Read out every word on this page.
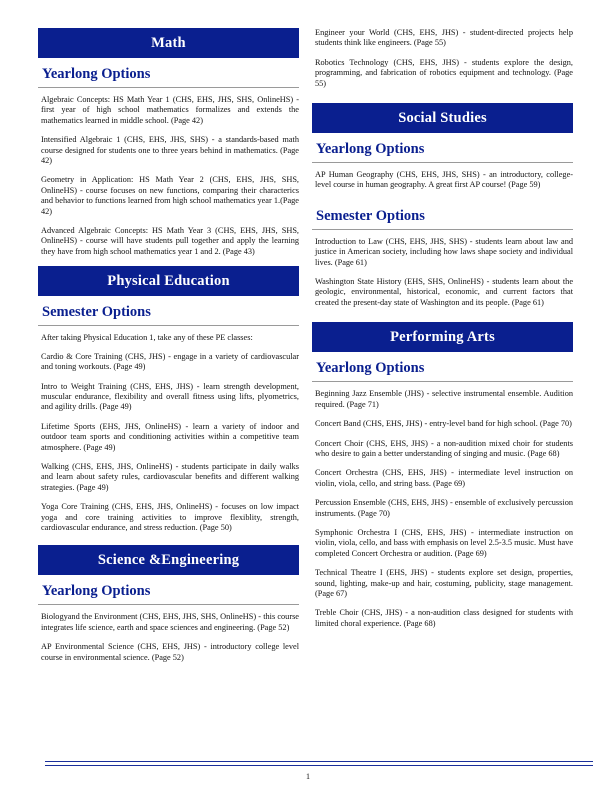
Math
Yearlong Options
Algebraic Concepts: HS Math Year 1 (CHS, EHS, JHS, SHS, OnlineHS) - first year of high school mathematics formalizes and extends the mathematics learned in middle school. (Page 42)
Intensified Algebraic 1 (CHS, EHS, JHS, SHS) - a standards-based math course designed for students one to three years behind in mathematics. (Page 42)
Geometry in Application: HS Math Year 2 (CHS, EHS, JHS, SHS, OnlineHS) - course focuses on new functions, comparing their characterics and behavior to functions learned from high school mathematics year 1.(Page 42)
Advanced Algebraic Concepts: HS Math Year 3 (CHS, EHS, JHS, SHS, OnlineHS) - course will have students pull together and apply the learning they have from high school mathematics year 1 and 2. (Page 43)
Physical Education
Semester Options
After taking Physical Education 1, take any of these PE classes:
Cardio & Core Training (CHS, JHS) - engage in a variety of cardiovascular and toning workouts. (Page 49)
Intro to Weight Training (CHS, EHS, JHS) - learn strength development, muscular endurance, flexibility and overall fitness using lifts, plyometrics, and agility drills. (Page 49)
Lifetime Sports (EHS, JHS, OnlineHS) - learn a variety of indoor and outdoor team sports and conditioning activities within a competitive team atmosphere. (Page 49)
Walking (CHS, EHS, JHS, OnlineHS) - students participate in daily walks and learn about safety rules, cardiovascular benefits and different walking strategies. (Page 49)
Yoga Core Training (CHS, EHS, JHS, OnlineHS) - focuses on low impact yoga and core training activities to improve flexiblity, strength, cardiovascular endurance, and stress reduction. (Page 50)
Science &Engineering
Yearlong Options
Biologyand the Environment (CHS, EHS, JHS, SHS, OnlineHS) - this course integrates life science, earth and space sciences and engineering. (Page 52)
AP Environmental Science (CHS, EHS, JHS) - introductory college level course in environmental science. (Page 52)
Engineer your World (CHS, EHS, JHS) - student-directed projects help students think like engineers. (Page 55)
Robotics Technology (CHS, EHS, JHS) - students explore the design, programming, and fabrication of robotics equipment and technology. (Page 55)
Social Studies
Yearlong Options
AP Human Geography (CHS, EHS, JHS, SHS) - an introductory, college-level course in human geography. A great first AP course! (Page 59)
Semester Options
Introduction to Law (CHS, EHS, JHS, SHS) - students learn about law and justice in American society, including how laws shape society and individual lives. (Page 61)
Washington State History (EHS, SHS, OnlineHS) - students learn about the geologic, environmental, historical, economic, and current factors that created the present-day state of Washington and its people. (Page 61)
Performing Arts
Yearlong Options
Beginning Jazz Ensemble (JHS) - selective instrumental ensemble. Audition required. (Page 71)
Concert Band (CHS, EHS, JHS) - entry-level band for high school. (Page 70)
Concert Choir (CHS, EHS, JHS) - a non-audition mixed choir for students who desire to gain a better understanding of singing and music. (Page 68)
Concert Orchestra (CHS, EHS, JHS) - intermediate level instruction on violin, viola, cello, and string bass. (Page 69)
Percussion Ensemble (CHS, EHS, JHS) - ensemble of exclusively percussion instruments. (Page 70)
Symphonic Orchestra I (CHS, EHS, JHS) - intermediate instruction on violin, viola, cello, and bass with emphasis on level 2.5-3.5 music. Must have completed Concert Orchestra or audition. (Page 69)
Technical Theatre I (EHS, JHS) - students explore set design, properties, sound, lighting, make-up and hair, costuming, publicity, stage management. (Page 67)
Treble Choir (CHS, JHS) - a non-audition class designed for students with limited choral experience. (Page 68)
1
